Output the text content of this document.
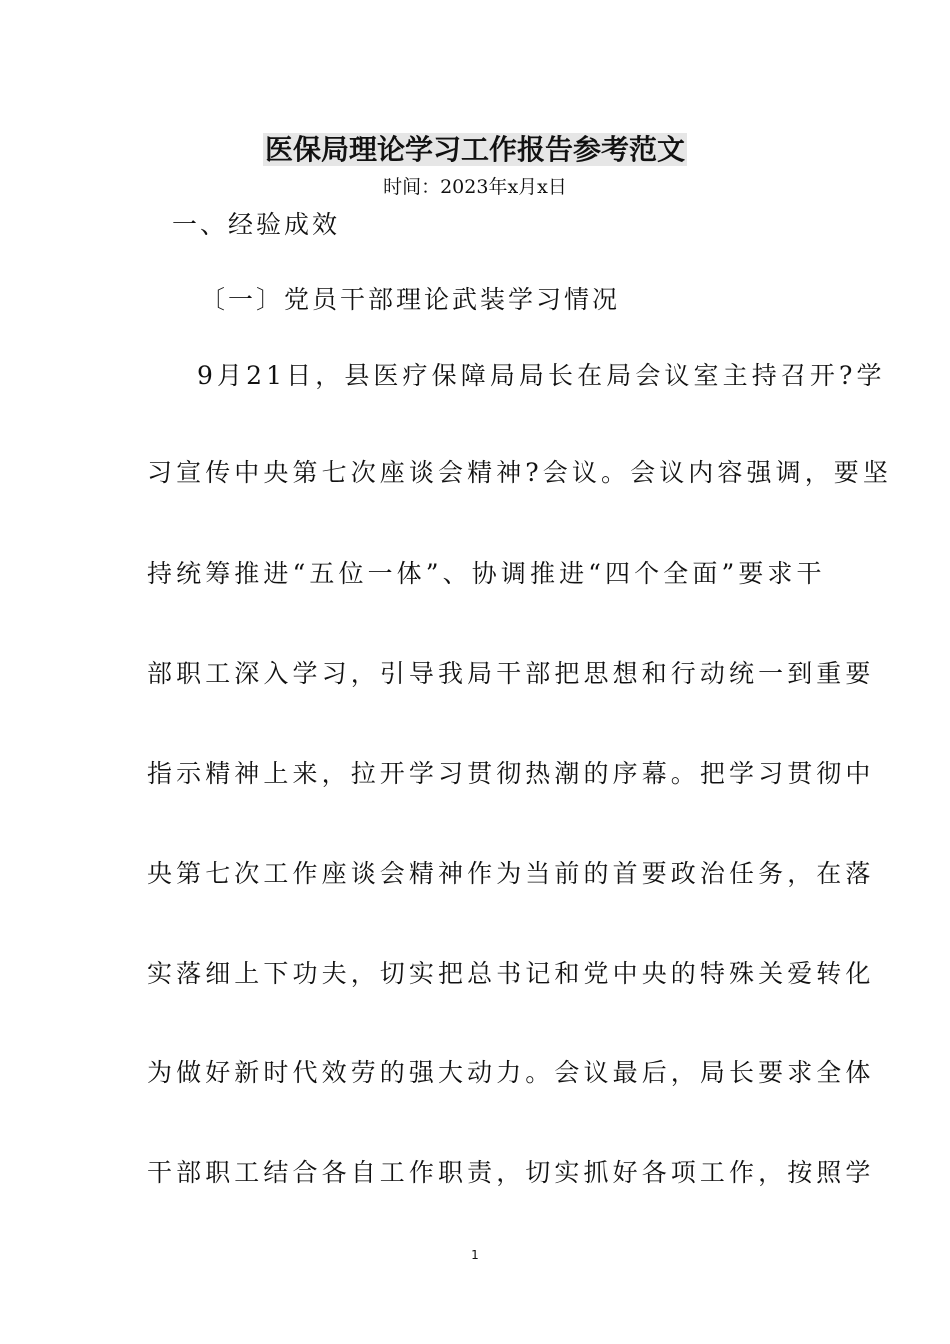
医保局理论学习工作报告参考范文
时间：2023年x月x日
一、经验成效
〔一〕党员干部理论武装学习情况
9月21日，县医疗保障局局长在局会议室主持召开?学
习宣传中央第七次座谈会精神?会议。会议内容强调，要坚
持统筹推进“五位一体”、协调推进“四个全面”要求干
部职工深入学习，引导我局干部把思想和行动统一到重要
指示精神上来，拉开学习贯彻热潮的序幕。把学习贯彻中
央第七次工作座谈会精神作为当前的首要政治任务，在落
实落细上下功夫，切实把总书记和党中央的特殊关爱转化
为做好新时代效劳的强大动力。会议最后，局长要求全体
干部职工结合各自工作职责，切实抓好各项工作，按照学
1
